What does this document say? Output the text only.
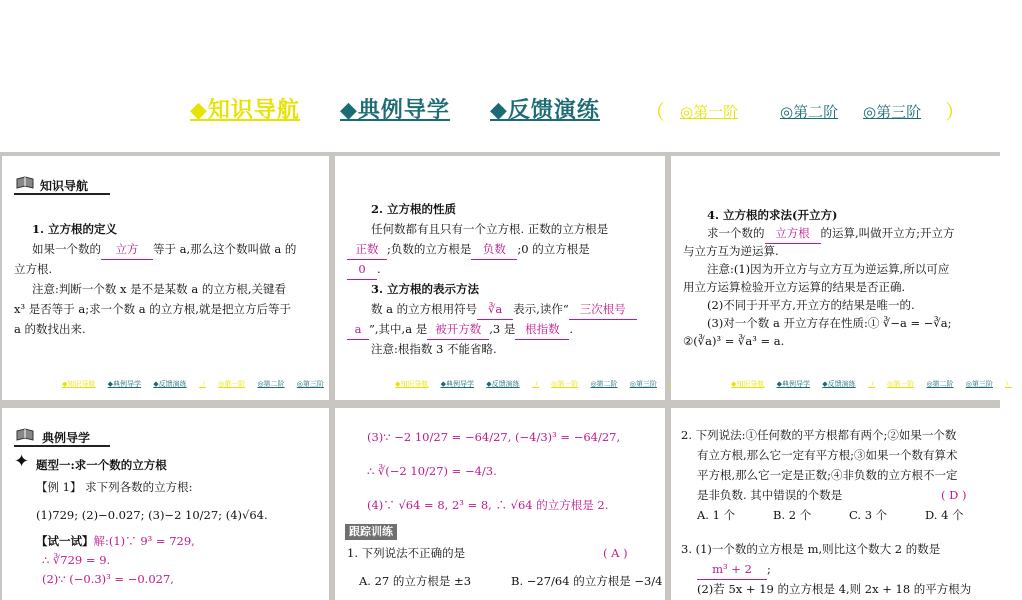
◆知识导航 ◆典例导学 ◆反馈演练 （ ◎第一阶	◎第二阶 ◎第三阶 ）
知识导航
1. 立方根的定义
如果一个数的 立方 等于 a,那么这个数叫做 a 的
立方根.
注意:判断一个数 x 是不是某数 a 的立方根,关键看
x³ 是否等于 a;求一个数 a 的立方根,就是把立方后等于
a 的数找出来.
◆知识导航 ◆典例导学 ◆反馈演练 （ ◎第一阶 ◎第二阶 ◎第三阶
2. 立方根的性质
任何数都有且只有一个立方根. 正数的立方根是
正数 ;负数的立方根是 负数 ;0 的立方根是
0 .
3. 立方根的表示方法
数 a 的立方根用符号 ∛a 表示,读作“ 三次根号
a ”,其中,a 是 被开方数 ,3 是 根指数 .
注意:根指数 3 不能省略.
◆知识导航 ◆典例导学 ◆反馈演练 （ ◎第一阶 ◎第二阶 ◎第三阶
4. 立方根的求法(开立方)
求一个数的 立方根 的运算,叫做开立方;开立方
与立方互为逆运算.
注意:(1)因为开立方与立方互为逆运算,所以可应
用立方运算检验开立方运算的结果是否正确.
(2)不同于开平方,开立方的结果是唯一的.
(3)对一个数 a 开立方存在性质:① ∛−a = −∛a;
②(∛a)³ = ∛a³ = a.
◆知识导航 ◆典例导学 ◆反馈演练 （ ◎第一阶 ◎第二阶 ◎第三阶 ）
典例导学
✦ 题型一:求一个数的立方根
【例 1】 求下列各数的立方根:
(1)729; (2)−0.027; (3)−2 10/27; (4)√64.
【试一试】解:(1)∵ 9³ = 729,
∴ ∛729 = 9.
(2)∵ (−0.3)³ = −0.027,
(3)∵ −2 10/27 = −64/27, (−4/3)³ = −64/27,
∴ ∛(−2 10/27) = −4/3.
(4)∵ √64 = 8, 2³ = 8, ∴ √64 的立方根是 2.
跟踪训练
1. 下列说法不正确的是	( A )
A. 27 的立方根是 ±3	B. −27/64 的立方根是 −3/4
2. 下列说法:①任何数的平方根都有两个;②如果一个数
有立方根,那么它一定有平方根;③如果一个数有算术
平方根,那么它一定是正数;④非负数的立方根不一定
是非负数. 其中错误的个数是	( D )
A. 1 个	B. 2 个	C. 3 个	D. 4 个
3. (1)一个数的立方根是 m,则比这个数大 2 的数是
m³ + 2 ;
(2)若 5x + 19 的立方根是 4,则 2x + 18 的平方根为
